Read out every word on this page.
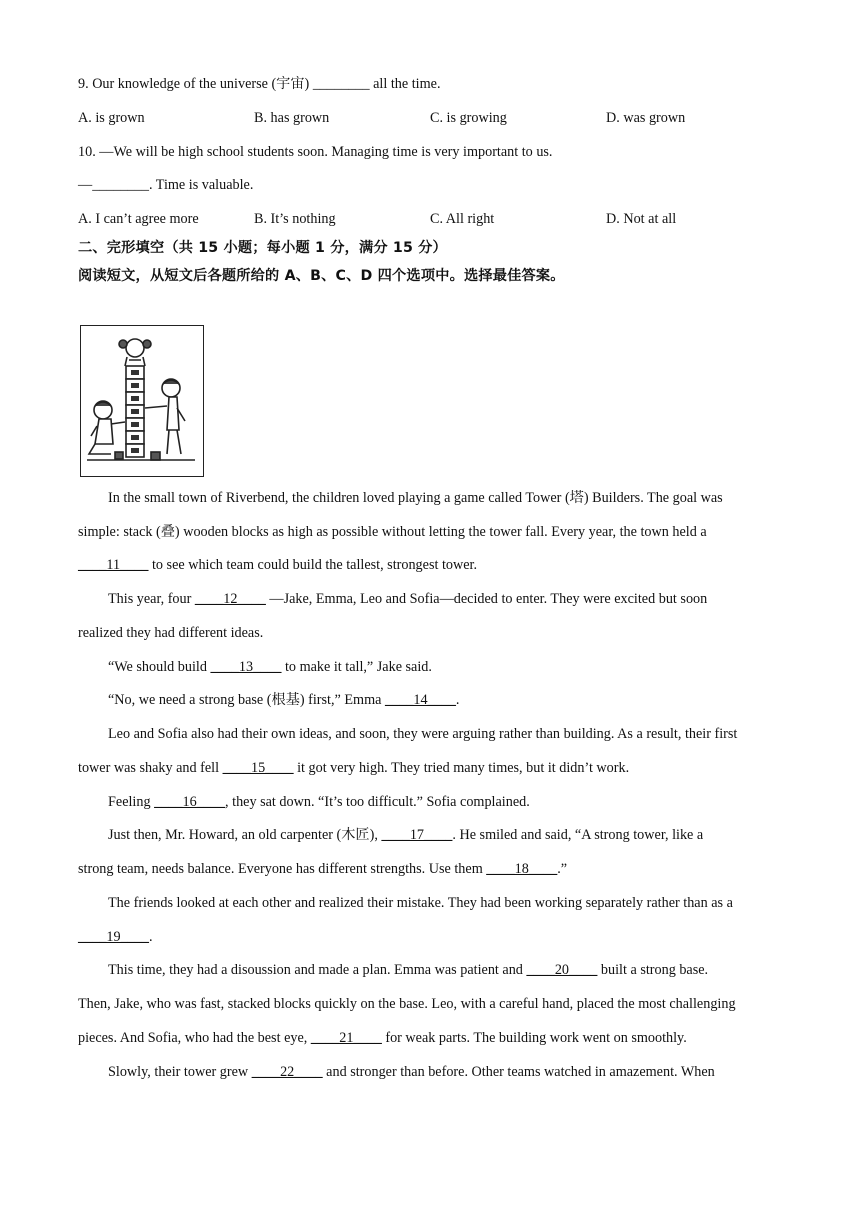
9. Our knowledge of the universe (宇宙) ________ all the time.
A. is grown	B. has grown	C. is growing	D. was grown
10. —We will be high school students soon. Managing time is very important to us.
—________. Time is valuable.
A. I can’t agree more	B. It’s nothing	C. All right	D. Not at all
二、完形填空（共 15 小题；每小题 1 分，满分 15 分）
阅读短文，从短文后各题所给的 A、B、C、D 四个选项中。选择最佳答案。
In the small town of Riverbend, the children loved playing a game called Tower (塔) Builders. The goal was
simple: stack (叠) wooden blocks as high as possible without letting the tower fall. Every year, the town held a
____11____ to see which team could build the tallest, strongest tower.
This year, four ____12____ —Jake, Emma, Leo and Sofia—decided to enter. They were excited but soon
realized they had different ideas.
“We should build ____13____ to make it tall,” Jake said.
“No, we need a strong base (根基) first,” Emma ____14____.
Leo and Sofia also had their own ideas, and soon, they were arguing rather than building. As a result, their first
tower was shaky and fell ____15____ it got very high. They tried many times, but it didn’t work.
Feeling ____16____, they sat down. “It’s too difficult.” Sofia complained.
Just then, Mr. Howard, an old carpenter (木匠), ____17____. He smiled and said, “A strong tower, like a
strong team, needs balance. Everyone has different strengths. Use them ____18____.”
The friends looked at each other and realized their mistake. They had been working separately rather than as a
____19____.
This time, they had a disoussion and made a plan. Emma was patient and ____20____ built a strong base.
Then, Jake, who was fast, stacked blocks quickly on the base. Leo, with a careful hand, placed the most challenging
pieces. And Sofia, who had the best eye, ____21____ for weak parts. The building work went on smoothly.
Slowly, their tower grew ____22____ and stronger than before. Other teams watched in amazement. When
